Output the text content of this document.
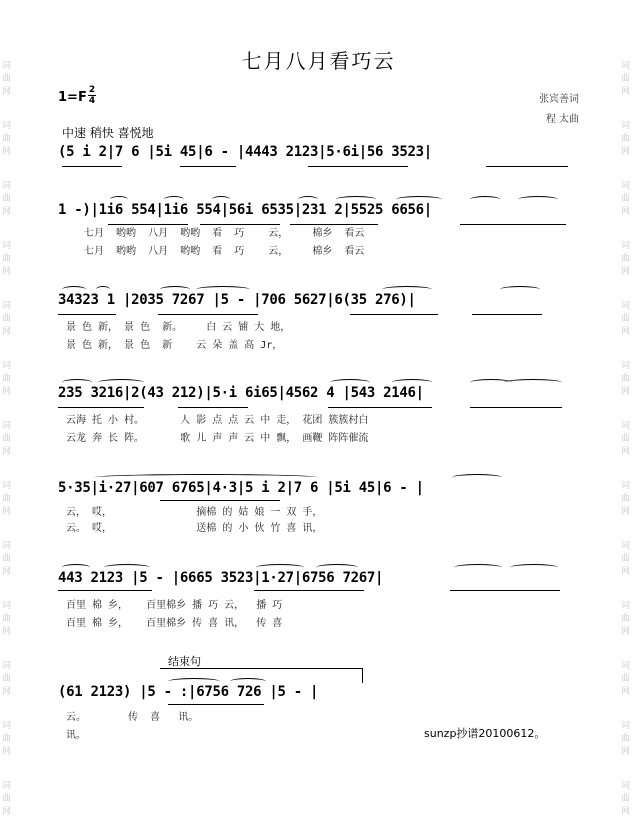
词
曲
网
词
曲
网
词
曲
网
词
曲
网
词
曲
网
词
曲
网
词
曲
网
词
曲
网
词
曲
网
词
曲
网
词
曲
网
词
曲
网
词
曲
网
词
曲
网
词
曲
网
词
曲
网
词
曲
网
词
曲
网
词
曲
网
词
曲
网
词
曲
网
词
曲
网
词
曲
网
词
曲
网
词
曲
网
词
曲
网
七月八月看巧云
1=F 2
4	张宾善词
程 太曲
中速 稍快 喜悦地
(5 i 2|7 6 |5i 45|6 - |4443 2123|5·6i|56 3523|
1 -)|1i6 554|1i6 554|56i 6535|231 2|5525 6656|
七月  哟哟  八月  哟哟  看  巧    云，    棉乡  看云
七月  哟哟  八月  哟哟  看  巧    云，    棉乡  看云
34323 1 |2035 7267 |5 - |706 5627|6(35 276)|
景 色 新， 景 色  新。    白 云 铺 大 地，
景 色 新， 景 色  新    云 朵 盖 高 Jr，
235 3216|2(43 212)|5·i 6i65|4562 4 |543 2146|
云海 托 小 村。      人 影 点 点 云 中 走， 花团 簇簇村白
云龙 奔 长 阵。      歌 儿 声 声 云 中 飘， 画鞭 阵阵催流
5·35|i·27|607 6765|4·3|5 i 2|7 6 |5i 45|6 - |
云， 哎，              摘棉 的 姑 娘 一 双 手，
云。 哎，              送棉 的 小 伙 竹 喜 讯，
443 2123 |5 - |6665 3523|1·27|6756 7267|
百里 棉 乡，   百里棉乡 播 巧 云，  播 巧
百里 棉 乡，   百里棉乡 传 喜 讯，  传 喜
结束句
(61 2123) |5 - :|6756 726 |5 - |
云。       传  喜   讯。
讯。	sunzp抄谱20100612。
